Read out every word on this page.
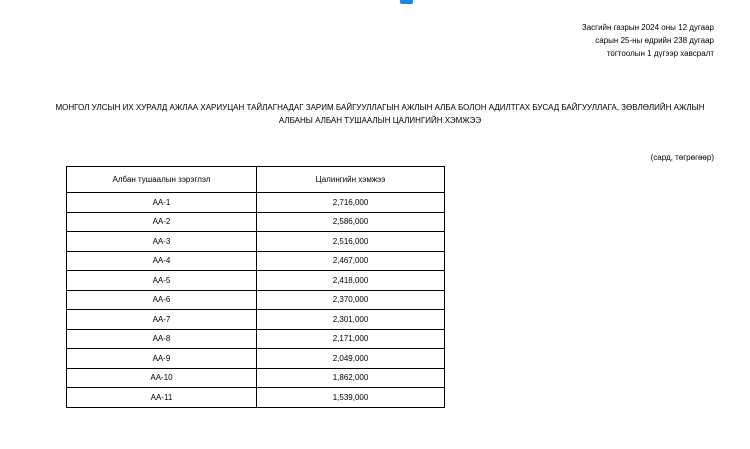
Засгийн газрын 2024 оны 12 дугаар
сарын 25-ны өдрийн 238 дугаар
тогтоолын 1 дүгээр хавсралт
МОНГОЛ УЛСЫН ИХ ХУРАЛД АЖЛАА ХАРИУЦАН ТАЙЛАГНАДАГ ЗАРИМ БАЙГУУЛЛАГЫН АЖЛЫН АЛБА БОЛОН АДИЛТГАХ БУСАД БАЙГУУЛЛАГА, ЗӨВЛӨЛИЙН АЖЛЫН
АЛБАНЫ АЛБАН ТУШААЛЫН ЦАЛИНГИЙН ХЭМЖЭЭ
(сард, төгрөгөөр)
Албан тушаалын зэрэглэл	Цалингийн хэмжээ
АА-1	2,716,000
АА-2	2,586,000
АА-3	2,516,000
АА-4	2,467,000
АА-5	2,418,000
АА-6	2,370,000
АА-7	2,301,000
АА-8	2,171,000
АА-9	2,049,000
АА-10	1,862,000
АА-11	1,539,000
